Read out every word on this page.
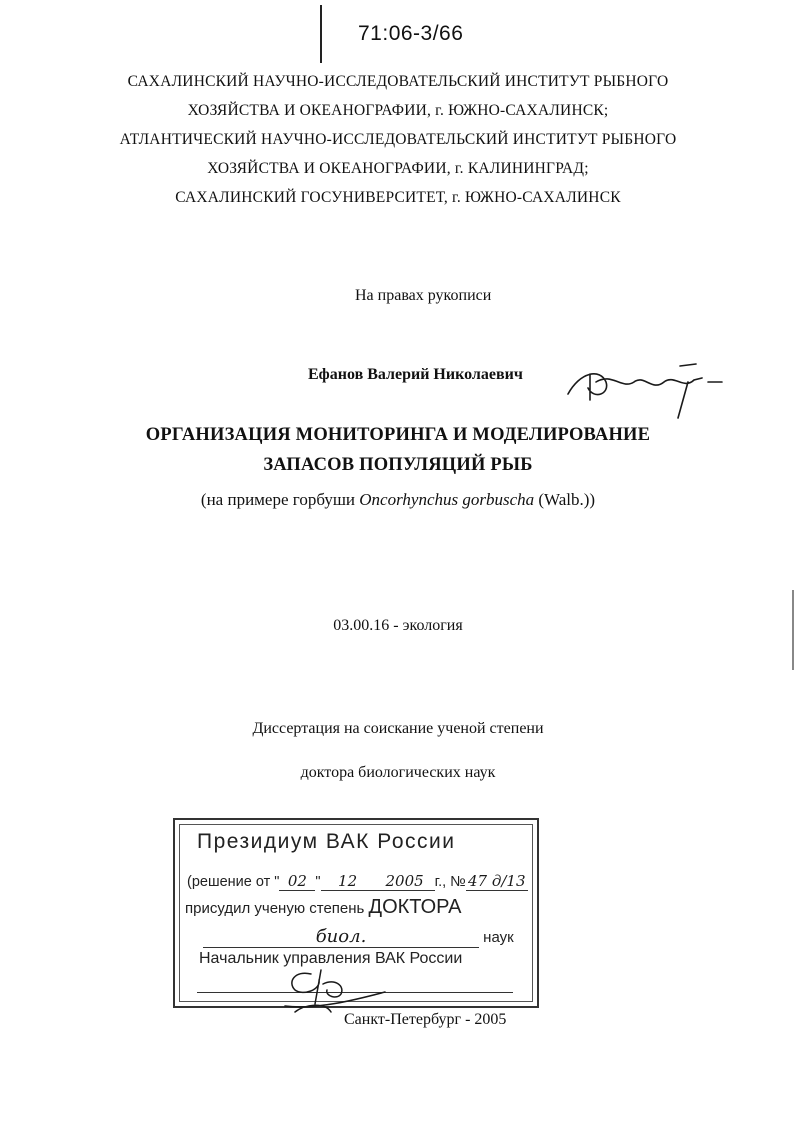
71:06-3/66
САХАЛИНСКИЙ НАУЧНО-ИССЛЕДОВАТЕЛЬСКИЙ ИНСТИТУТ РЫБНОГО
ХОЗЯЙСТВА И ОКЕАНОГРАФИИ, г. ЮЖНО-САХАЛИНСК;
АТЛАНТИЧЕСКИЙ НАУЧНО-ИССЛЕДОВАТЕЛЬСКИЙ ИНСТИТУТ РЫБНОГО
ХОЗЯЙСТВА И ОКЕАНОГРАФИИ, г. КАЛИНИНГРАД;
САХАЛИНСКИЙ ГОСУНИВЕРСИТЕТ, г. ЮЖНО-САХАЛИНСК
На правах рукописи
Ефанов Валерий Николаевич
ОРГАНИЗАЦИЯ МОНИТОРИНГА И МОДЕЛИРОВАНИЕ
ЗАПАСОВ ПОПУЛЯЦИЙ РЫБ
(на примере горбуши Oncorhynchus gorbuscha (Walb.))
03.00.16 - экология
Диссертация на соискание ученой степени
доктора биологических наук
Президиум ВАК России
(решение от " 02 " 12 2005 г., № 47 д/13
присудил ученую степень ДОКТОРА
биол.	наук
Начальник управления ВАК России
Санкт-Петербург - 2005
